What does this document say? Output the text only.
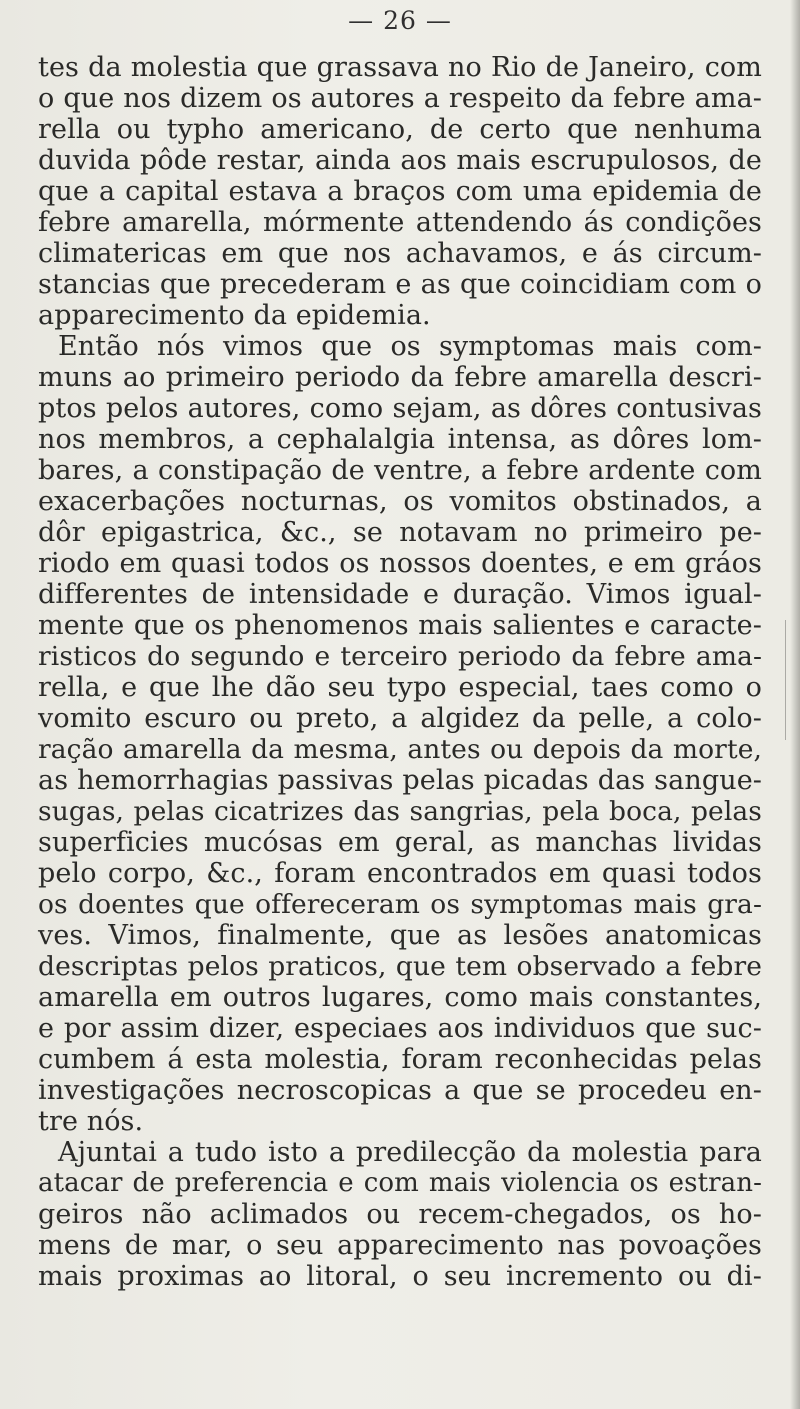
— 26 —
tes da molestia que grassava no Rio de Janeiro, com
o que nos dizem os autores a respeito da febre ama-
rella ou typho americano, de certo que nenhuma
duvida pôde restar, ainda aos mais escrupulosos, de
que a capital estava a braços com uma epidemia de
febre amarella, mórmente attendendo ás condições
climatericas em que nos achavamos, e ás circum-
stancias que precederam e as que coincidiam com o
apparecimento da epidemia.
Então nós vimos que os symptomas mais com-
muns ao primeiro periodo da febre amarella descri-
ptos pelos autores, como sejam, as dôres contusivas
nos membros, a cephalalgia intensa, as dôres lom-
bares, a constipação de ventre, a febre ardente com
exacerbações nocturnas, os vomitos obstinados, a
dôr epigastrica, &c., se notavam no primeiro pe-
riodo em quasi todos os nossos doentes, e em gráos
differentes de intensidade e duração. Vimos igual-
mente que os phenomenos mais salientes e caracte-
risticos do segundo e terceiro periodo da febre ama-
rella, e que lhe dão seu typo especial, taes como o
vomito escuro ou preto, a algidez da pelle, a colo-
ração amarella da mesma, antes ou depois da morte,
as hemorrhagias passivas pelas picadas das sangue-
sugas, pelas cicatrizes das sangrias, pela boca, pelas
superficies mucósas em geral, as manchas lividas
pelo corpo, &c., foram encontrados em quasi todos
os doentes que offereceram os symptomas mais gra-
ves. Vimos, finalmente, que as lesões anatomicas
descriptas pelos praticos, que tem observado a febre
amarella em outros lugares, como mais constantes,
e por assim dizer, especiaes aos individuos que suc-
cumbem á esta molestia, foram reconhecidas pelas
investigações necroscopicas a que se procedeu en-
tre nós.
Ajuntai a tudo isto a predilecção da molestia para
atacar de preferencia e com mais violencia os estran-
geiros não aclimados ou recem-chegados, os ho-
mens de mar, o seu apparecimento nas povoações
mais proximas ao litoral, o seu incremento ou di-
